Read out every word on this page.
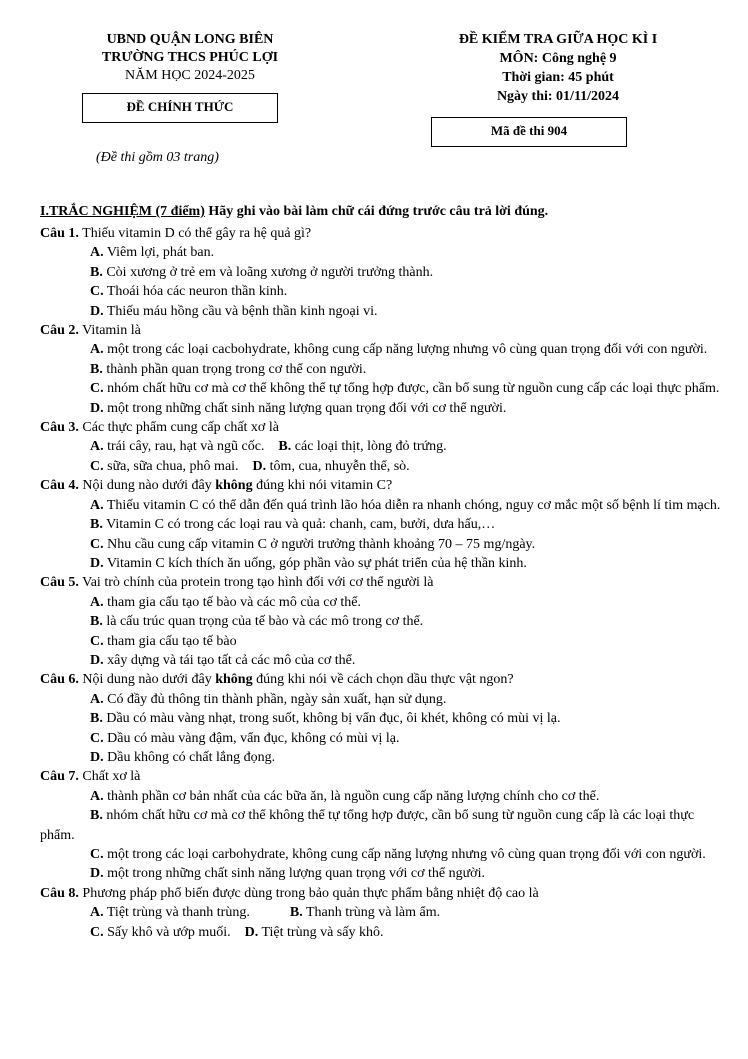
UBND QUẬN LONG BIÊN
TRƯỜNG THCS PHÚC LỢI
NĂM HỌC 2024-2025
ĐỀ CHÍNH THỨC
(Đề thi gồm 03 trang)
ĐỀ KIỂM TRA GIỮA HỌC KÌ I
MÔN: Công nghệ 9
Thời gian: 45 phút
Ngày thi: 01/11/2024
Mã đề thi 904
I.TRẮC NGHIỆM (7 điểm) Hãy ghi vào bài làm chữ cái đứng trước câu trả lời đúng.

Câu 1. Thiếu vitamin D có thể gây ra hệ quả gì?

A. Viêm lợi, phát ban.

B. Còi xương ở trẻ em và loãng xương ở người trưởng thành.

C. Thoái hóa các neuron thần kinh.

D. Thiếu máu hồng cầu và bệnh thần kinh ngoại vi.

Câu 2. Vitamin là

A. một trong các loại cacbohydrate, không cung cấp năng lượng nhưng vô cùng quan trọng đối với con người.

B. thành phần quan trọng trong cơ thể con người.

C. nhóm chất hữu cơ mà cơ thể không thể tự tổng hợp được, cần bổ sung từ nguồn cung cấp các loại thực phẩm.

D. một trong những chất sinh năng lượng quan trọng đối với cơ thể người.

Câu 3. Các thực phẩm cung cấp chất xơ là

A. trái cây, rau, hạt và ngũ cốc. B. các loại thịt, lòng đỏ trứng.

C. sữa, sữa chua, phô mai. D. tôm, cua, nhuyễn thể, sò.

Câu 4. Nội dung nào dưới đây không đúng khi nói vitamin C?

A. Thiếu vitamin C có thể dẫn đến quá trình lão hóa diễn ra nhanh chóng, nguy cơ mắc một số bệnh lí tim mạch.

B. Vitamin C có trong các loại rau và quả: chanh, cam, bưởi, dưa hấu,…

C. Nhu cầu cung cấp vitamin C ở người trưởng thành khoảng 70 – 75 mg/ngày.

D. Vitamin C kích thích ăn uống, góp phần vào sự phát triển của hệ thần kinh.

Câu 5. Vai trò chính của protein trong tạo hình đối với cơ thể người là

A. tham gia cấu tạo tế bào và các mô của cơ thể.

B. là cấu trúc quan trọng của tế bào và các mô trong cơ thể.

C. tham gia cấu tạo tế bào

D. xây dựng và tái tạo tất cả các mô của cơ thể.

Câu 6. Nội dung nào dưới đây không đúng khi nói về cách chọn dầu thực vật ngon?

A. Có đầy đủ thông tin thành phần, ngày sản xuất, hạn sử dụng.

B. Dầu có màu vàng nhạt, trong suốt, không bị vẩn đục, ôi khét, không có mùi vị lạ.

C. Dầu có màu vàng đậm, vẩn đục, không có mùi vị lạ.

D. Dầu không có chất lắng đọng.

Câu 7. Chất xơ là

A. thành phần cơ bản nhất của các bữa ăn, là nguồn cung cấp năng lượng chính cho cơ thể.

B. nhóm chất hữu cơ mà cơ thể không thể tự tổng hợp được, cần bổ sung từ nguồn cung cấp là các loại thực phẩm.

C. một trong các loại carbohydrate, không cung cấp năng lượng nhưng vô cùng quan trọng đối với con người.

D. một trong những chất sinh năng lượng quan trọng với cơ thể người.

Câu 8. Phương pháp phổ biến được dùng trong bảo quản thực phẩm bằng nhiệt độ cao là

A. Tiệt trùng và thanh trùng.	B. Thanh trùng và làm ẩm.

C. Sấy khô và ướp muối. D. Tiệt trùng và sấy khô.
